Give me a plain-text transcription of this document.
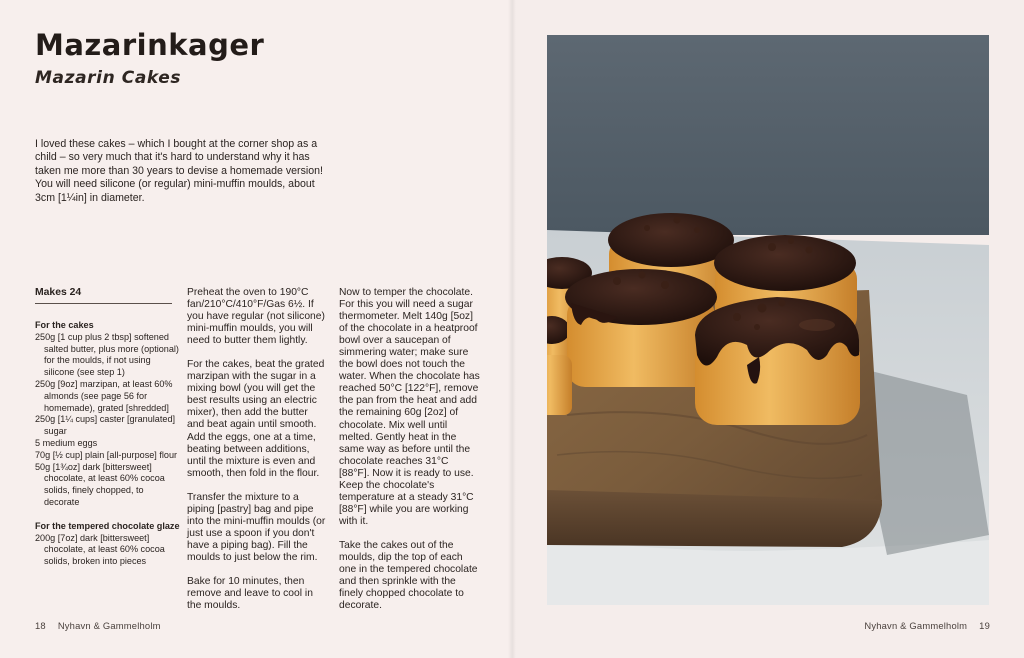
Mazarinkager
Mazarin Cakes

I loved these cakes – which I bought at the corner shop as a child – so very much that it's hard to understand why it has taken me more than 30 years to devise a homemade version! You will need silicone (or regular) mini-muffin moulds, about 3cm [1¼in] in diameter.

Makes 24

For the cakes

250g [1 cup plus 2 tbsp] softened salted butter, plus more (optional) for the moulds, if not using silicone (see step 1)
250g [9oz] marzipan, at least 60% almonds (see page 56 for homemade), grated [shredded]
250g [1¼ cups] caster [granulated] sugar
5 medium eggs
70g [½ cup] plain [all-purpose] flour
50g [1¾oz] dark [bittersweet] chocolate, at least 60% cocoa solids, finely chopped, to decorate

For the tempered chocolate glaze

200g [7oz] dark [bittersweet] chocolate, at least 60% cocoa solids, broken into pieces

Preheat the oven to 190°C fan/210°C/410°F/Gas 6½. If you have regular (not silicone) mini-muffin moulds, you will need to butter them lightly.

For the cakes, beat the grated marzipan with the sugar in a mixing bowl (you will get the best results using an electric mixer), then add the butter and beat again until smooth. Add the eggs, one at a time, beating between additions, until the mixture is even and smooth, then fold in the flour.

Transfer the mixture to a piping [pastry] bag and pipe into the mini-muffin moulds (or just use a spoon if you don't have a piping bag). Fill the moulds to just below the rim.

Bake for 10 minutes, then remove and leave to cool in the moulds.

Now to temper the chocolate. For this you will need a sugar thermometer. Melt 140g [5oz] of the chocolate in a heatproof bowl over a saucepan of simmering water; make sure the bowl does not touch the water. When the chocolate has reached 50°C [122°F], remove the pan from the heat and add the remaining 60g [2oz] of chocolate. Mix well until melted. Gently heat in the same way as before until the chocolate reaches 31°C [88°F]. Now it is ready to use. Keep the chocolate's temperature at a steady 31°C [88°F] while you are working with it.

Take the cakes out of the moulds, dip the top of each one in the tempered chocolate and then sprinkle with the finely chopped chocolate to decorate.

18 Nyhavn & Gammelholm	Nyhavn & Gammelholm 19
